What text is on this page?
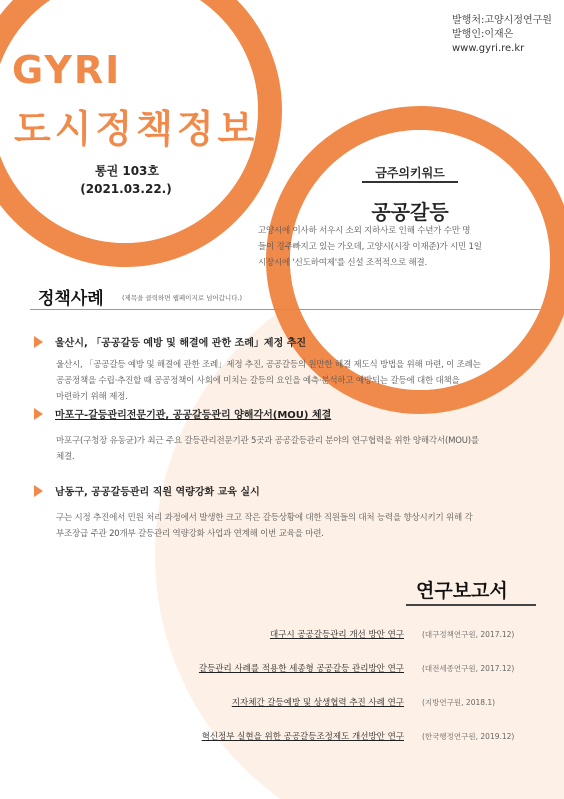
발행처:고양시정연구원
발행인:이재은
www.gyri.re.kr
GYRI
도시정책정보
통권 103호
(2021.03.22.)
금주의키워드
공공갈등
고양시에 이사하 서우시 소외 지하사로 인해 수년가 수만 명
들이 경주빠지고 있는 가오데, 고양시(시장 이재준)가 시민 1일
시장시에 '신도하여제'를 신설 조적적으로 해결.
정책사례	(제목을 클릭하면 웹페이지로 넘어갑니다.)
울산시, 「공공갈등 예방 및 해결에 관한 조례」제정 추진
울산시, 「공공갈등 예방 및 해결에 관한 조례」제정 추진, 공공갈등의 원만한 해결 제도식 방법을 위해 마련, 이 조례는
공공정책을 수립·추진할 때 공공정책이 사회에 미치는 갈등의 요인을 예측·분석하고 예방되는 갈등에 대한 대책을
마련하기 위해 제정.
마포구-갈등관리전문기관, 공공갈등관리 양해각서(MOU) 체결
마포구(구청장 유동균)가 최근 주요 갈등관리전문기관 5곳과 공공갈등관리 분야의 연구협력을 위한 양해각서(MOU)를
체결.
남동구, 공공갈등관리 직원 역량강화 교육 실시
구는 시정 추진에서 민원 처리 과정에서 발생한 크고 작은 갈등상황에 대한 직원들의 대처 능력을 향상시키기 위해 각
부조장급 주관 20개부 갈등관리 역량강화 사업과 연계해 이번 교육을 마련.
연구보고서
대구시 공공갈등관리 개선 방안 연구 (대구정책연구원, 2017.12)
갈등관리 사례를 적용한 세종형 공공갈등 관리방안 연구 (대전세종연구원, 2017.12)
지자체간 갈등예방 및 상생협력 추진 사례 연구 (지방연구원, 2018.1)
혁신정부 실현을 위한 공공갈등조정제도 개선방안 연구 (한국행정연구원, 2019.12)
